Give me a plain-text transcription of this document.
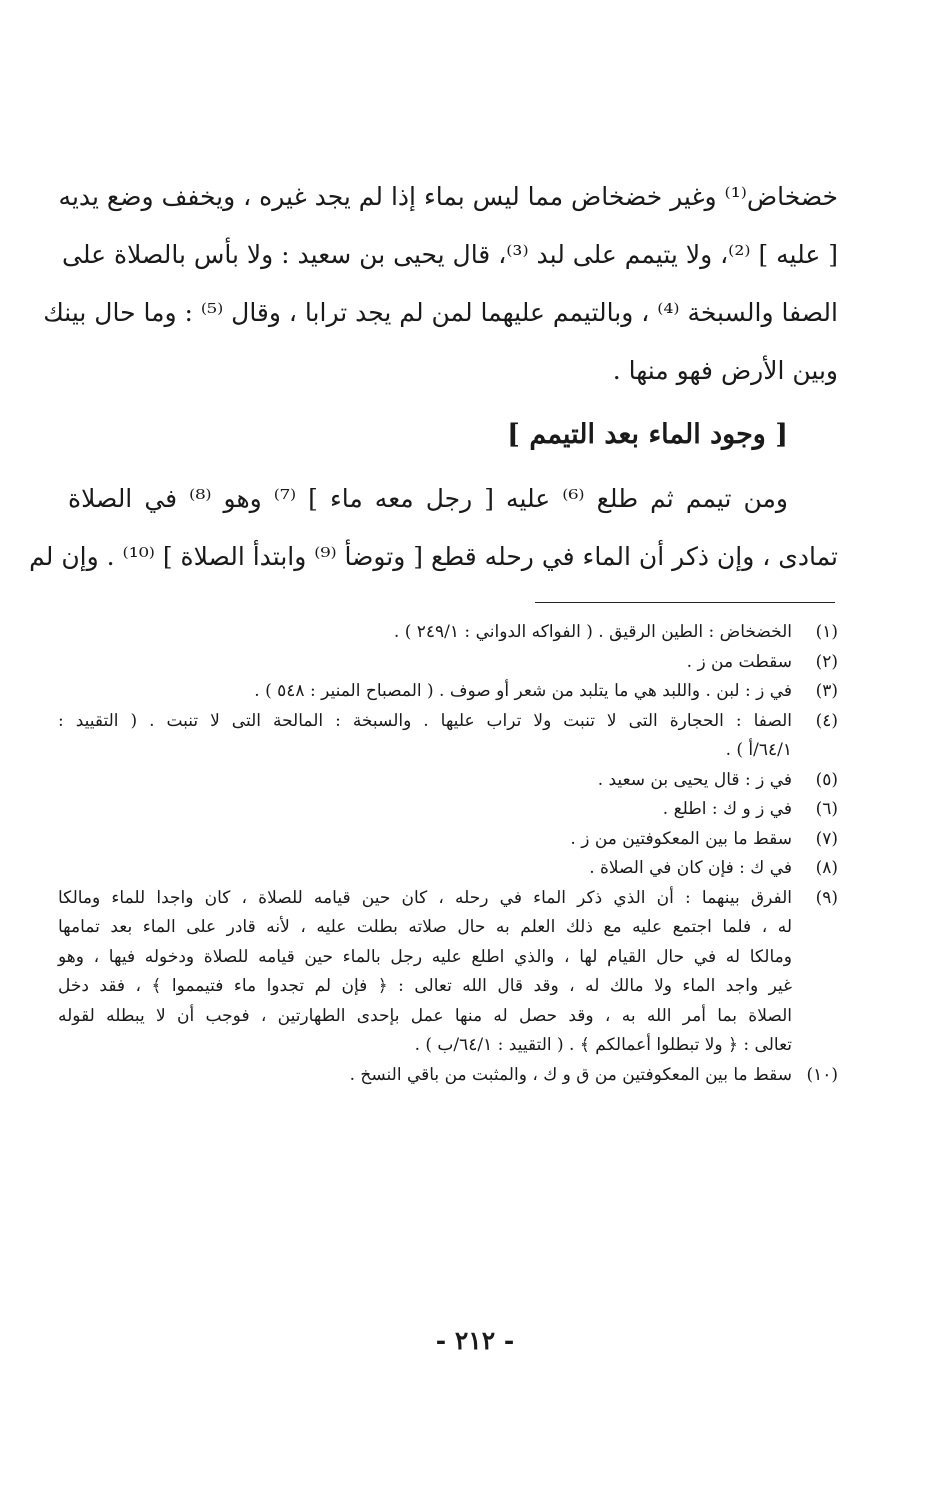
خضخاض⁽¹⁾ وغير خضخاض مما ليس بماء إذا لم يجد غيره ، ويخفف وضع يديه
[ عليه ] ⁽²⁾، ولا يتيمم على لبد ⁽³⁾، قال يحيى بن سعيد : ولا بأس بالصلاة على
الصفا والسبخة ⁽⁴⁾ ، وبالتيمم عليهما لمن لم يجد ترابا ، وقال ⁽⁵⁾ : وما حال بينك
وبين الأرض فهو منها .
[ وجود الماء بعد التيمم ]
ومن تيمم ثم طلع ⁽⁶⁾ عليه [ رجل معه ماء ] ⁽⁷⁾ وهو ⁽⁸⁾ في الصلاة
تمادى ، وإن ذكر أن الماء في رحله قطع [ وتوضأ ⁽⁹⁾ وابتدأ الصلاة ] ⁽¹⁰⁾ . وإن لم
(١)
الخضخاض : الطين الرقيق . ( الفواكه الدواني : ٢٤٩/١ ) .
(٢)
سقطت من ز .
(٣)
في ز : لبن . واللبد هي ما يتلبد من شعر أو صوف . ( المصباح المنير : ٥٤٨ ) .
(٤)
الصفا : الحجارة التى لا تنبت ولا تراب عليها . والسبخة : المالحة التى لا تنبت . ( التقييد :
٦٤/١/أ ) .
(٥)
في ز : قال يحيى بن سعيد .
(٦)
في ز و ك : اطلع .
(٧)
سقط ما بين المعكوفتين من ز .
(٨)
في ك : فإن كان في الصلاة .
(٩)
الفرق بينهما : أن الذي ذكر الماء في رحله ، كان حين قيامه للصلاة ، كان واجدا للماء ومالكا
له ، فلما اجتمع عليه مع ذلك العلم به حال صلاته بطلت عليه ، لأنه قادر على الماء بعد تمامها
ومالكا له في حال القيام لها ، والذي اطلع عليه رجل بالماء حين قيامه للصلاة ودخوله فيها ، وهو
غير واجد الماء ولا مالك له ، وقد قال الله تعالى : ﴿ فإن لم تجدوا ماء فتيمموا ﴾ ، فقد دخل
الصلاة بما أمر الله به ، وقد حصل له منها عمل بإحدى الطهارتين ، فوجب أن لا يبطله لقوله
تعالى : ﴿ ولا تبطلوا أعمالكم ﴾ . ( التقييد : ٦٤/١/ب ) .
(١٠)
سقط ما بين المعكوفتين من ق و ك ، والمثبت من باقي النسخ .
- ٢١٢ -
